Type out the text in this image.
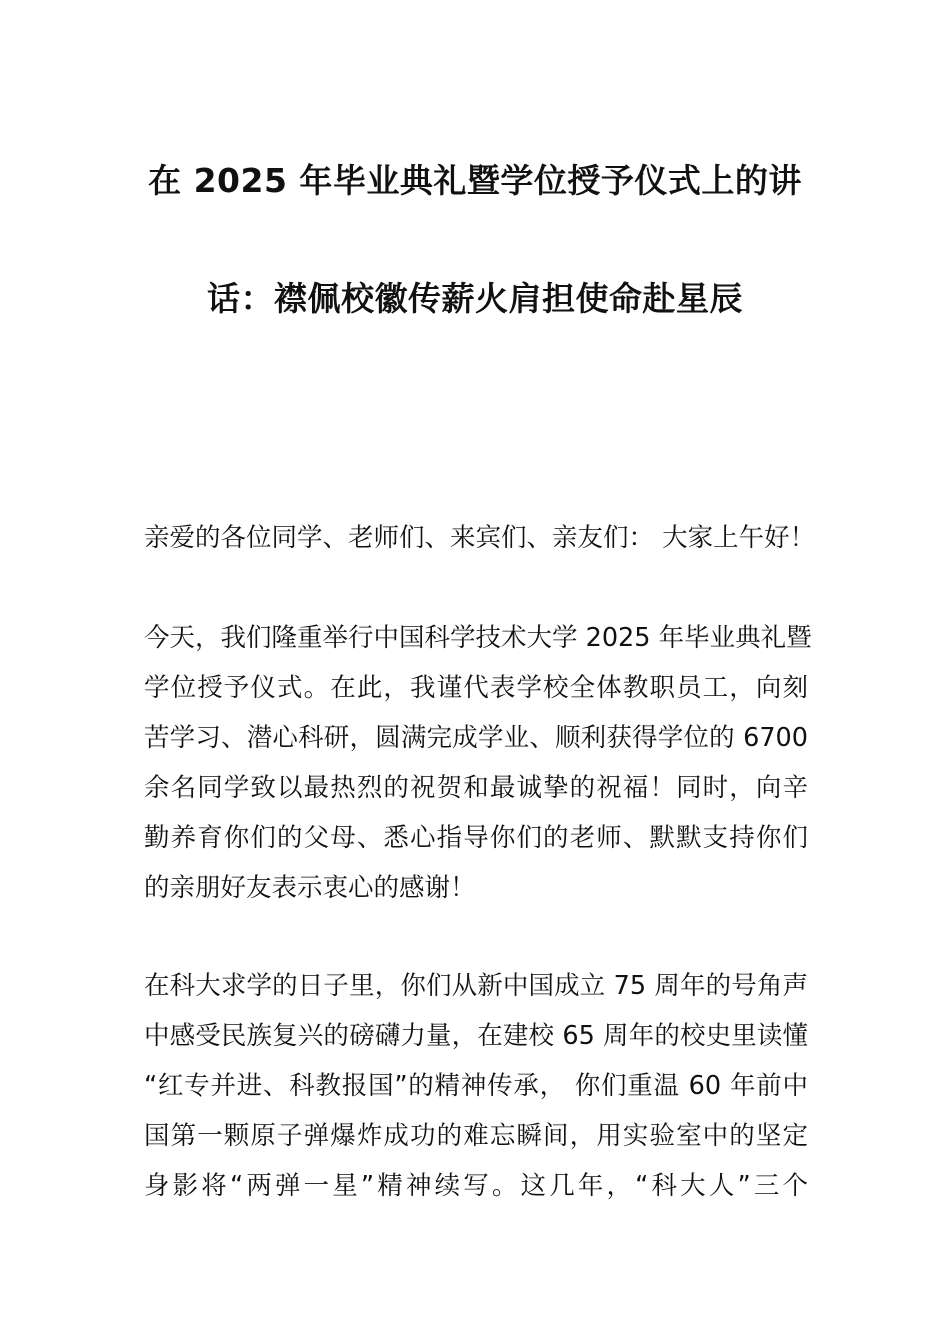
在 2025 年毕业典礼暨学位授予仪式上的讲
话：襟佩校徽传薪火肩担使命赴星辰
亲爱的各位同学、老师们、来宾们、亲友们： 大家上午好！
今天，我们隆重举行中国科学技术大学 2025 年毕业典礼暨
学位授予仪式。在此，我谨代表学校全体教职员工，向刻
苦学习、潜心科研，圆满完成学业、顺利获得学位的 6700
余名同学致以最热烈的祝贺和最诚挚的祝福！同时，向辛
勤养育你们的父母、悉心指导你们的老师、默默支持你们
的亲朋好友表示衷心的感谢！
在科大求学的日子里，你们从新中国成立 75 周年的号角声
中感受民族复兴的磅礴力量，在建校 65 周年的校史里读懂
“红专并进、科教报国”的精神传承， 你们重温 60 年前中
国第一颗原子弹爆炸成功的难忘瞬间，用实验室中的坚定
身影将“两弹一星”精神续写。这几年，“科大人”三个
